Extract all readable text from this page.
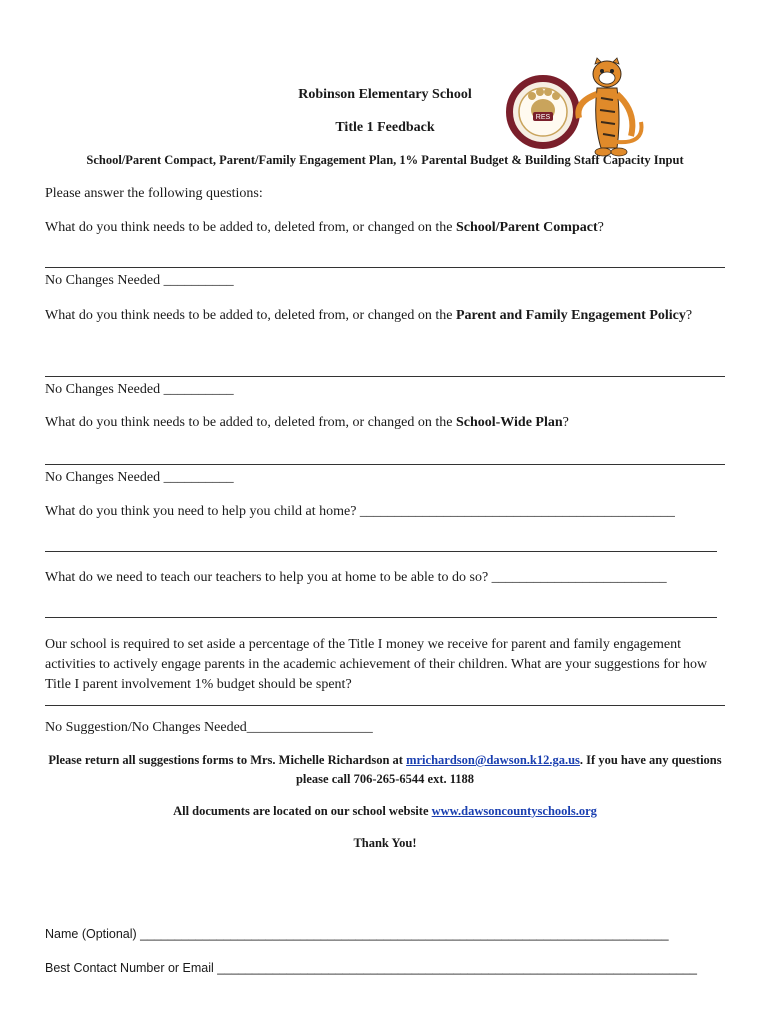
RES
Robinson Elementary School
Title 1 Feedback
School/Parent Compact, Parent/Family Engagement Plan, 1% Parental Budget & Building Staff Capacity Input
Please answer the following questions:
What do you think needs to be added to, deleted from, or changed on the School/Parent Compact?
No Changes Needed __________
What do you think needs to be added to, deleted from, or changed on the Parent and Family Engagement Policy?
No Changes Needed __________
What do you think needs to be added to, deleted from, or changed on the School-Wide Plan?
No Changes Needed __________
What do you think you need to help you child at home? _____________________________________________
What do we need to teach our teachers to help you at home to be able to do so? _________________________
Our school is required to set aside a percentage of the Title I money we receive for parent and family engagement activities to actively engage parents in the academic achievement of their children. What are your suggestions for how Title I parent involvement 1% budget should be spent?
No Suggestion/No Changes Needed__________________
Please return all suggestions forms to Mrs. Michelle Richardson at mrichardson@dawson.k12.ga.us. If you have any questions please call 706-265-6544 ext. 1188
All documents are located on our school website www.dawsoncountyschools.org
Thank You!
Name (Optional) ____________________________________________________________________________
Best Contact Number or Email _____________________________________________________________________
